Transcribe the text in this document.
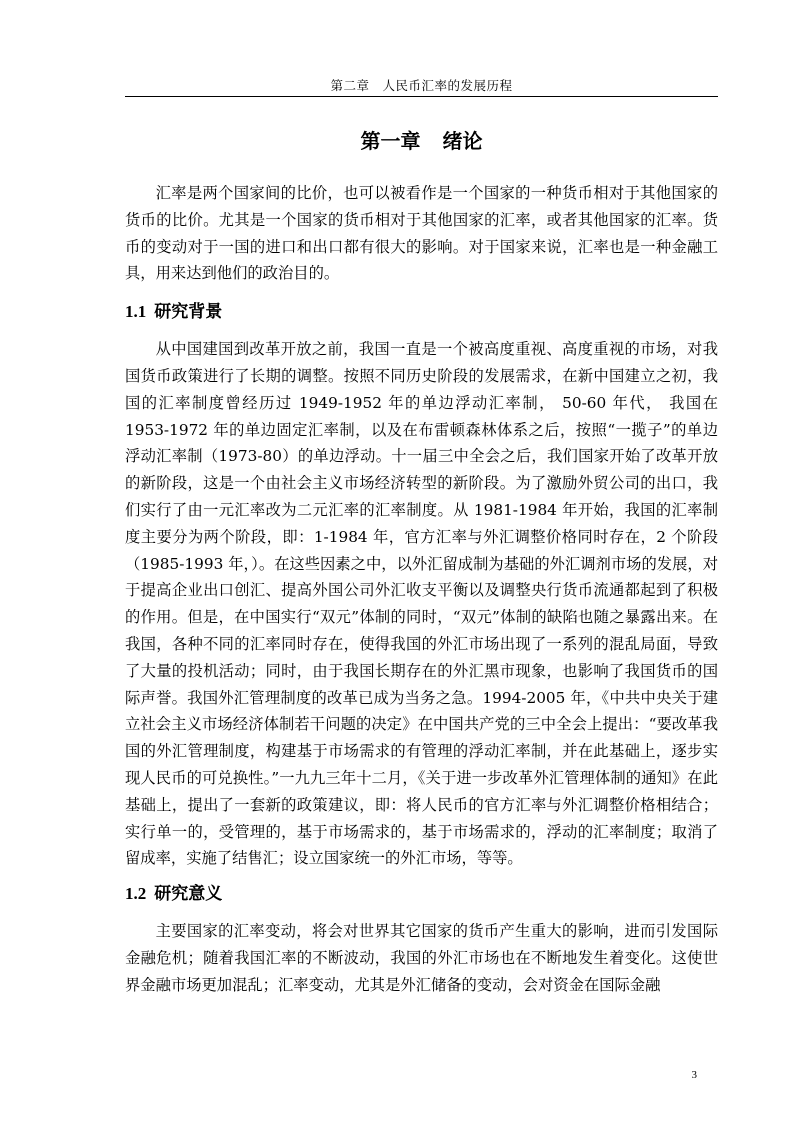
第二章　人民币汇率的发展历程
第一章 绪论

汇率是两个国家间的比价，也可以被看作是一个国家的一种货币相对于其他国家的货币的比价。尤其是一个国家的货币相对于其他国家的汇率，或者其他国家的汇率。货币的变动对于一国的进口和出口都有很大的影响。对于国家来说，汇率也是一种金融工具，用来达到他们的政治目的。

1.1 研究背景

从中国建国到改革开放之前，我国一直是一个被高度重视、高度重视的市场，对我国货币政策进行了长期的调整。按照不同历史阶段的发展需求，在新中国建立之初，我国的汇率制度曾经历过 1949-1952 年的单边浮动汇率制， 50-60 年代， 我国在 1953-1972 年的单边固定汇率制，以及在布雷顿森林体系之后，按照“一揽子”的单边浮动汇率制（1973-80）的单边浮动。十一届三中全会之后，我们国家开始了改革开放的新阶段，这是一个由社会主义市场经济转型的新阶段。为了激励外贸公司的出口，我们实行了由一元汇率改为二元汇率的汇率制度。从 1981-1984 年开始，我国的汇率制度主要分为两个阶段，即：1-1984 年，官方汇率与外汇调整价格同时存在，2 个阶段（1985-1993 年，）。在这些因素之中，以外汇留成制为基础的外汇调剂市场的发展，对于提高企业出口创汇、提高外国公司外汇收支平衡以及调整央行货币流通都起到了积极的作用。但是，在中国实行“双元”体制的同时，“双元”体制的缺陷也随之暴露出来。在我国，各种不同的汇率同时存在，使得我国的外汇市场出现了一系列的混乱局面，导致了大量的投机活动；同时，由于我国长期存在的外汇黑市现象，也影响了我国货币的国际声誉。我国外汇管理制度的改革已成为当务之急。1994-2005 年，《中共中央关于建立社会主义市场经济体制若干问题的决定》在中国共产党的三中全会上提出：“要改革我国的外汇管理制度，构建基于市场需求的有管理的浮动汇率制，并在此基础上，逐步实现人民币的可兑换性。”一九九三年十二月，《关于进一步改革外汇管理体制的通知》在此基础上，提出了一套新的政策建议，即：将人民币的官方汇率与外汇调整价格相结合；实行单一的，受管理的，基于市场需求的，基于市场需求的，浮动的汇率制度；取消了留成率，实施了结售汇；设立国家统一的外汇市场，等等。

1.2 研究意义

主要国家的汇率变动，将会对世界其它国家的货币产生重大的影响，进而引发国际金融危机；随着我国汇率的不断波动，我国的外汇市场也在不断地发生着变化。这使世界金融市场更加混乱；汇率变动，尤其是外汇储备的变动，会对资金在国际金融

3
